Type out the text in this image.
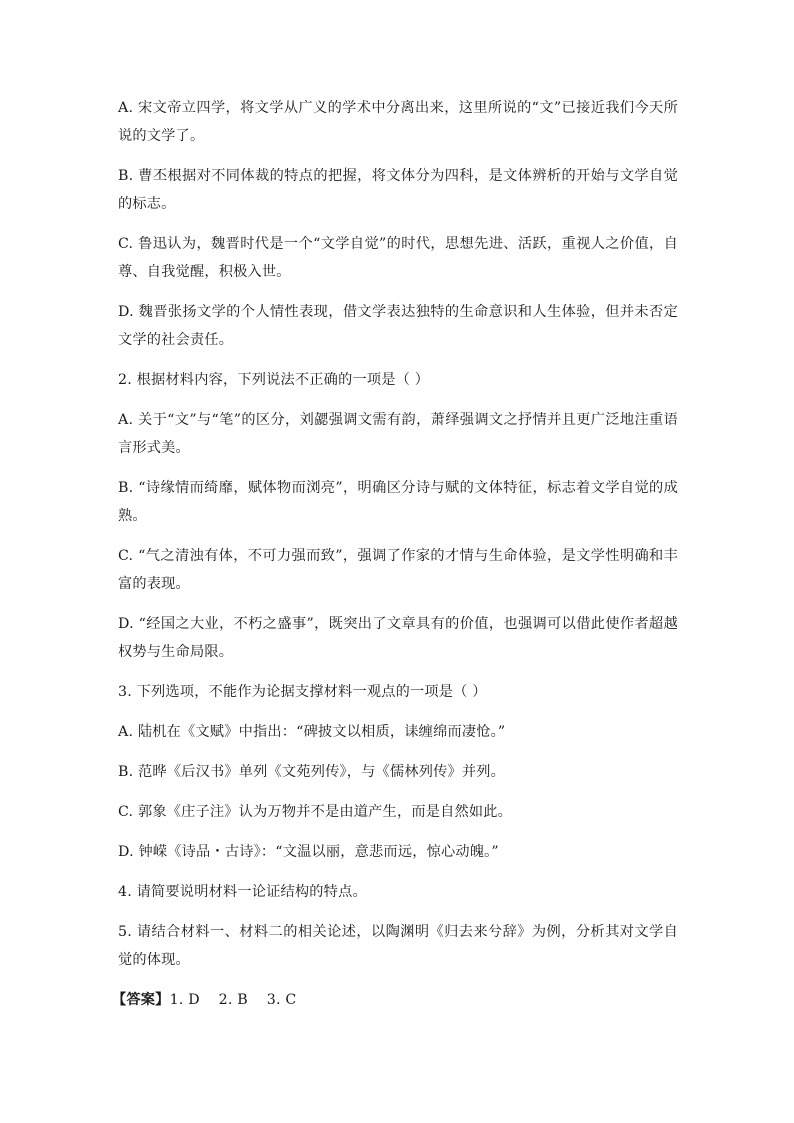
A. 宋文帝立四学，将文学从广义的学术中分离出来，这里所说的“文”已接近我们今天所说的文学了。

B. 曹丕根据对不同体裁的特点的把握，将文体分为四科，是文体辨析的开始与文学自觉的标志。

C. 鲁迅认为，魏晋时代是一个“文学自觉”的时代，思想先进、活跃，重视人之价值，自尊、自我觉醒，积极入世。

D. 魏晋张扬文学的个人情性表现，借文学表达独特的生命意识和人生体验，但并未否定文学的社会责任。

2. 根据材料内容，下列说法不正确的一项是（ ）

A. 关于“文”与“笔”的区分，刘勰强调文需有韵，萧绎强调文之抒情并且更广泛地注重语言形式美。

B. “诗缘情而绮靡，赋体物而浏亮”，明确区分诗与赋的文体特征，标志着文学自觉的成熟。

C. “气之清浊有体，不可力强而致”，强调了作家的才情与生命体验，是文学性明确和丰富的表现。

D. “经国之大业，不朽之盛事”，既突出了文章具有的价值，也强调可以借此使作者超越权势与生命局限。

3. 下列选项，不能作为论据支撑材料一观点的一项是（ ）

A. 陆机在《文赋》中指出：“碑披文以相质，诔缠绵而凄怆。”

B. 范晔《后汉书》单列《文苑列传》，与《儒林列传》并列。

C. 郭象《庄子注》认为万物并不是由道产生，而是自然如此。

D. 钟嵘《诗品・古诗》：“文温以丽，意悲而远，惊心动魄。”

4. 请简要说明材料一论证结构的特点。

5. 请结合材料一、材料二的相关论述，以陶渊明《归去来兮辞》为例，分析其对文学自觉的体现。

【答案】1. D    2. B    3. C
